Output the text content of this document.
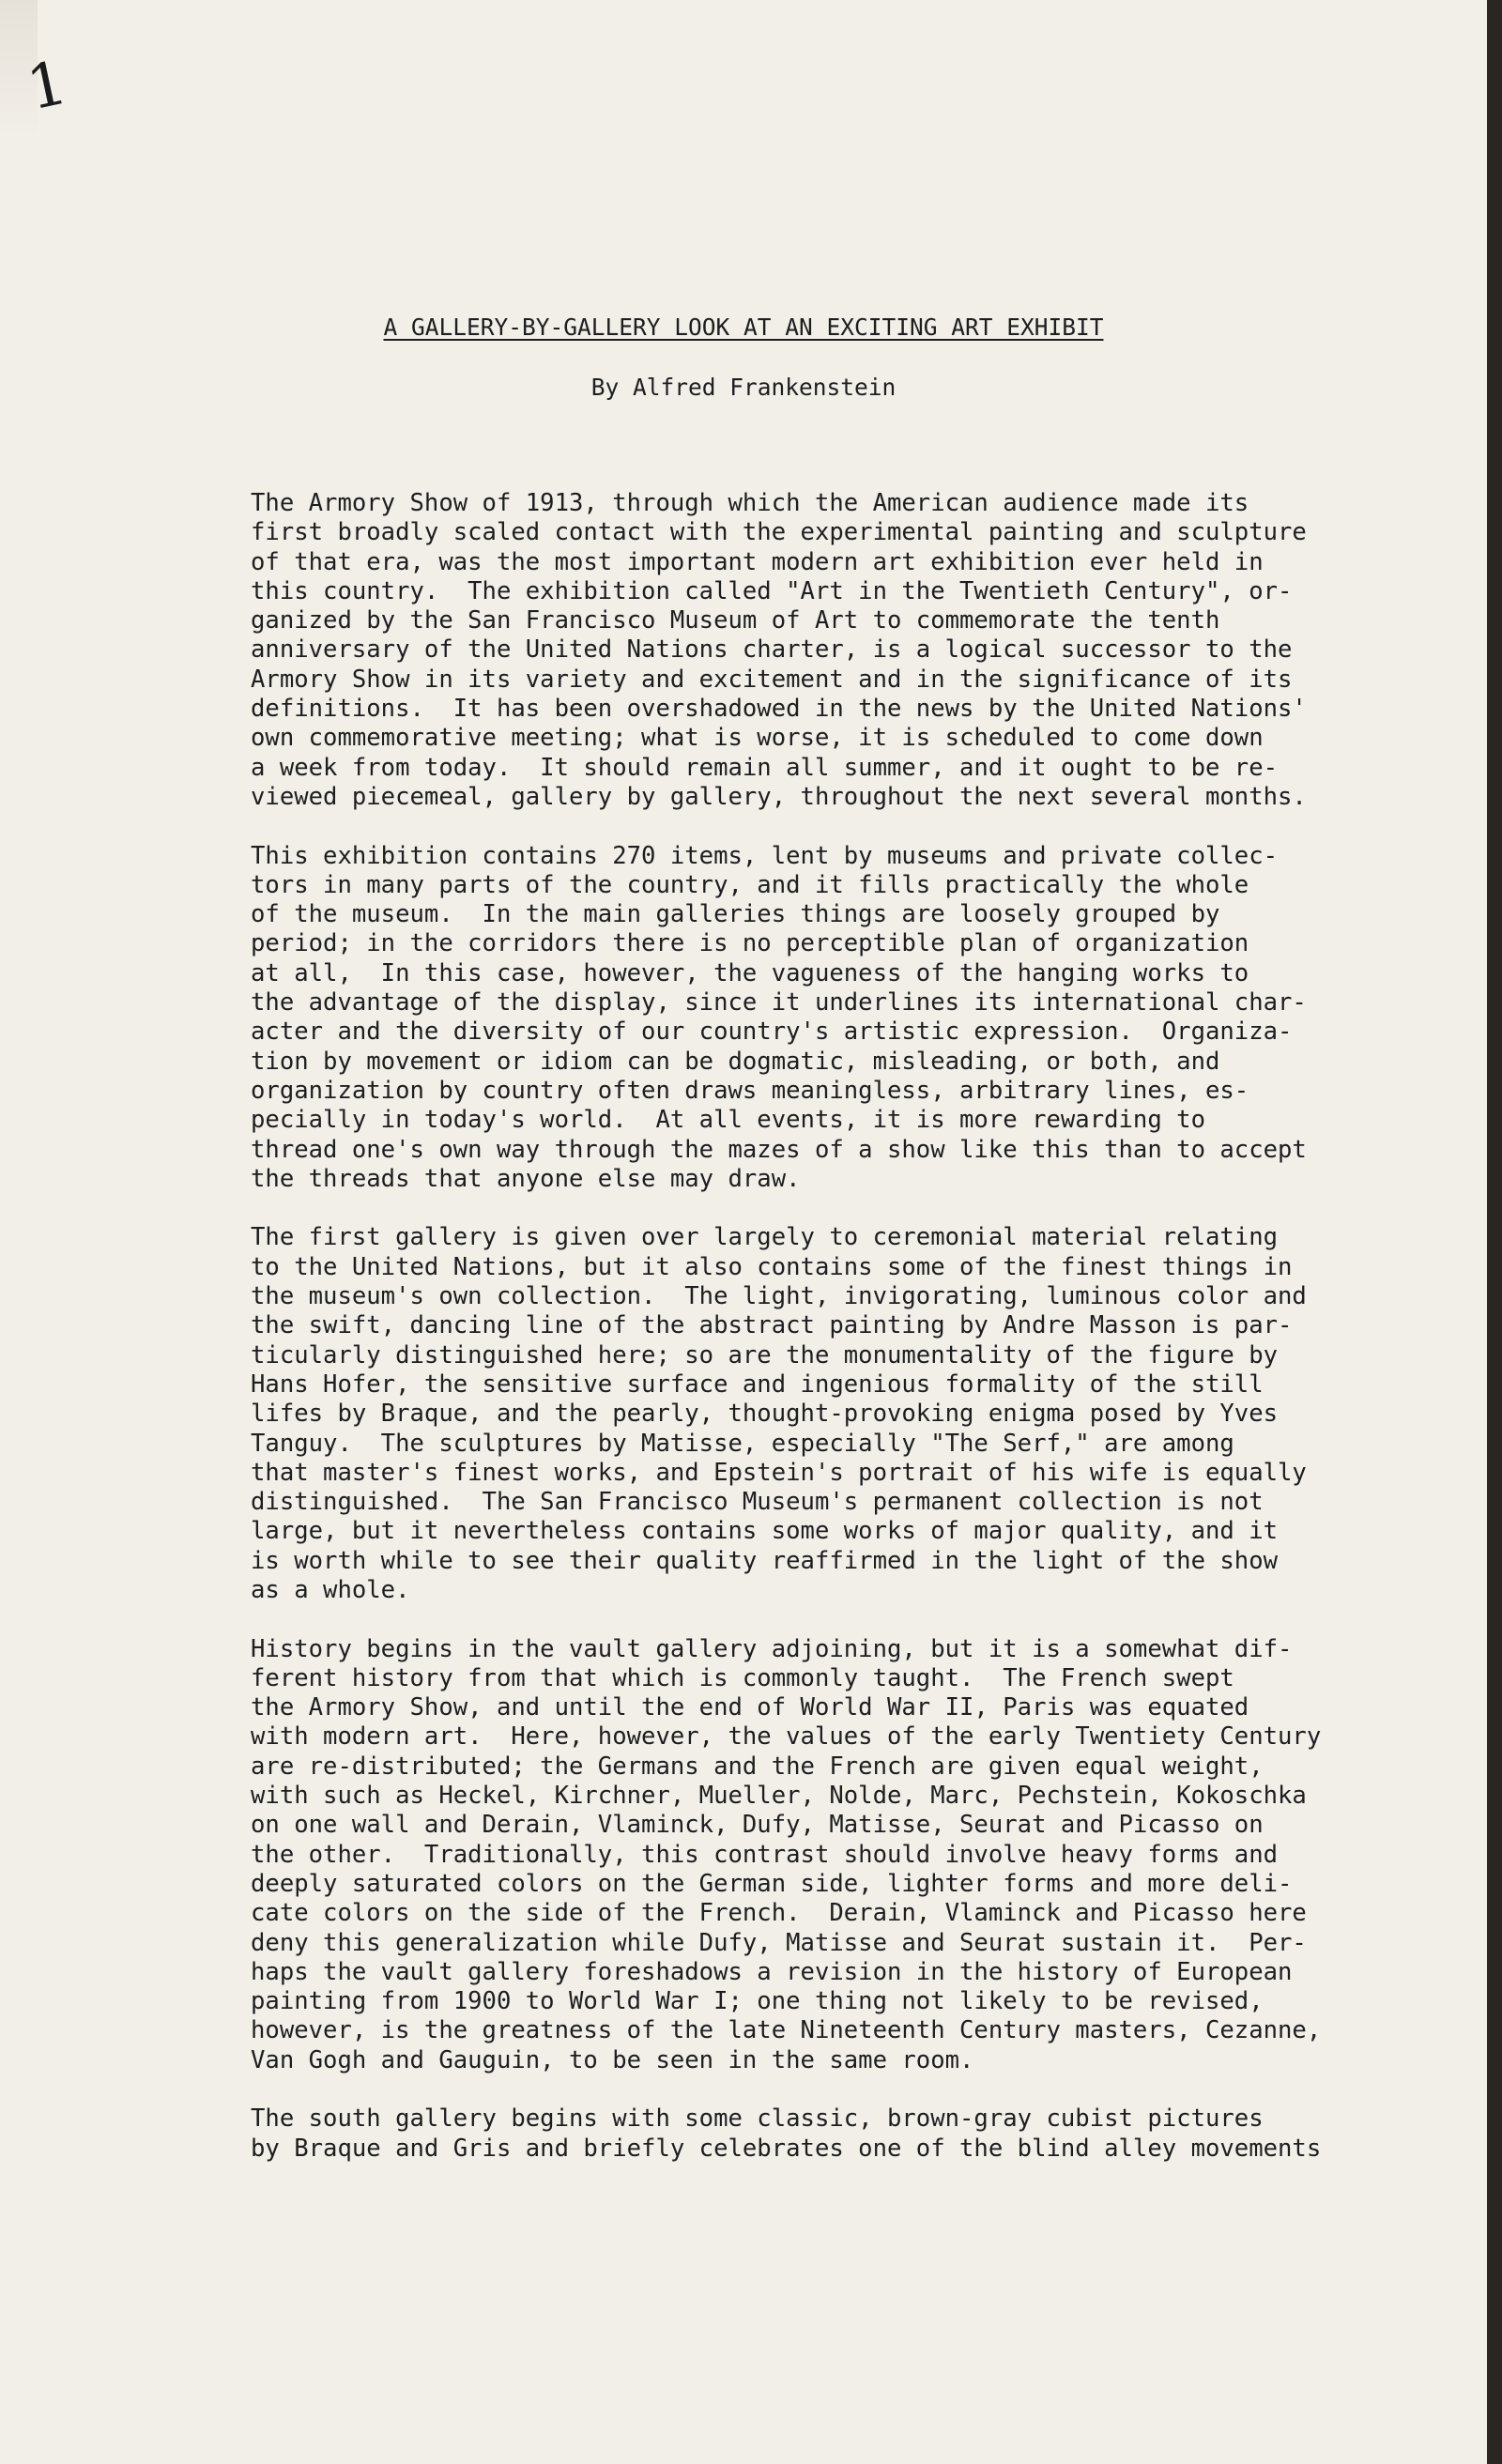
1
A GALLERY-BY-GALLERY LOOK AT AN EXCITING ART EXHIBIT
By Alfred Frankenstein
The Armory Show of 1913, through which the American audience made its
first broadly scaled contact with the experimental painting and sculpture
of that era, was the most important modern art exhibition ever held in
this country.  The exhibition called "Art in the Twentieth Century", or-
ganized by the San Francisco Museum of Art to commemorate the tenth
anniversary of the United Nations charter, is a logical successor to the
Armory Show in its variety and excitement and in the significance of its
definitions.  It has been overshadowed in the news by the United Nations'
own commemorative meeting; what is worse, it is scheduled to come down
a week from today.  It should remain all summer, and it ought to be re-
viewed piecemeal, gallery by gallery, throughout the next several months.
This exhibition contains 270 items, lent by museums and private collec-
tors in many parts of the country, and it fills practically the whole
of the museum.  In the main galleries things are loosely grouped by
period; in the corridors there is no perceptible plan of organization
at all,  In this case, however, the vagueness of the hanging works to
the advantage of the display, since it underlines its international char-
acter and the diversity of our country's artistic expression.  Organiza-
tion by movement or idiom can be dogmatic, misleading, or both, and
organization by country often draws meaningless, arbitrary lines, es-
pecially in today's world.  At all events, it is more rewarding to
thread one's own way through the mazes of a show like this than to accept
the threads that anyone else may draw.
The first gallery is given over largely to ceremonial material relating
to the United Nations, but it also contains some of the finest things in
the museum's own collection.  The light, invigorating, luminous color and
the swift, dancing line of the abstract painting by Andre Masson is par-
ticularly distinguished here; so are the monumentality of the figure by
Hans Hofer, the sensitive surface and ingenious formality of the still
lifes by Braque, and the pearly, thought-provoking enigma posed by Yves
Tanguy.  The sculptures by Matisse, especially "The Serf," are among
that master's finest works, and Epstein's portrait of his wife is equally
distinguished.  The San Francisco Museum's permanent collection is not
large, but it nevertheless contains some works of major quality, and it
is worth while to see their quality reaffirmed in the light of the show
as a whole.
History begins in the vault gallery adjoining, but it is a somewhat dif-
ferent history from that which is commonly taught.  The French swept
the Armory Show, and until the end of World War II, Paris was equated
with modern art.  Here, however, the values of the early Twentiety Century
are re-distributed; the Germans and the French are given equal weight,
with such as Heckel, Kirchner, Mueller, Nolde, Marc, Pechstein, Kokoschka
on one wall and Derain, Vlaminck, Dufy, Matisse, Seurat and Picasso on
the other.  Traditionally, this contrast should involve heavy forms and
deeply saturated colors on the German side, lighter forms and more deli-
cate colors on the side of the French.  Derain, Vlaminck and Picasso here
deny this generalization while Dufy, Matisse and Seurat sustain it.  Per-
haps the vault gallery foreshadows a revision in the history of European
painting from 1900 to World War I; one thing not likely to be revised,
however, is the greatness of the late Nineteenth Century masters, Cezanne,
Van Gogh and Gauguin, to be seen in the same room.
The south gallery begins with some classic, brown-gray cubist pictures
by Braque and Gris and briefly celebrates one of the blind alley movements
